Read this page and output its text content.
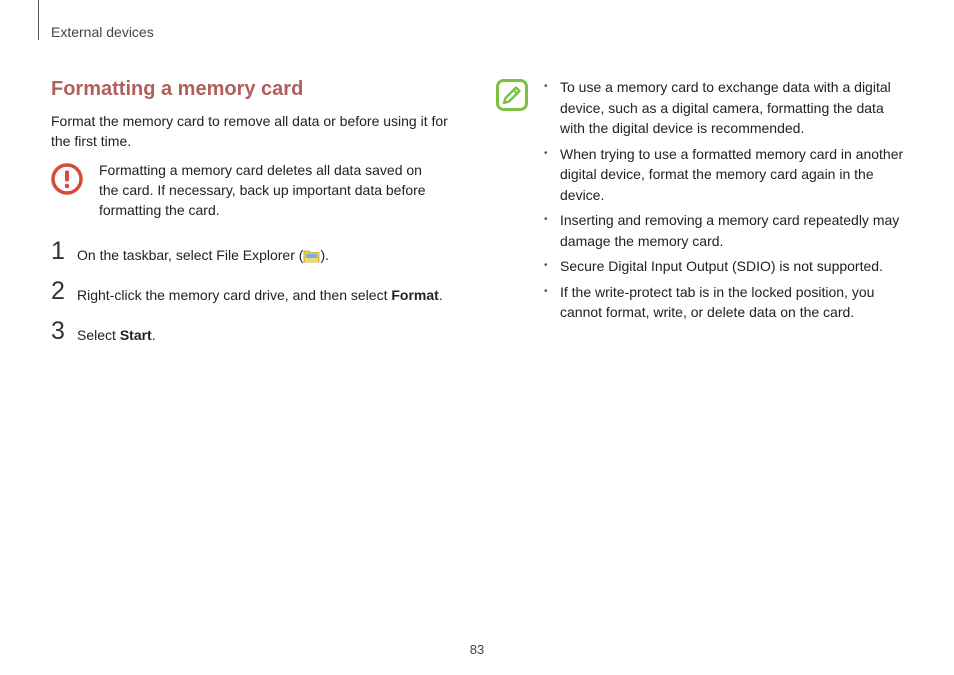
External devices
Formatting a memory card

Format the memory card to remove all data or before using it for the first time.

Formatting a memory card deletes all data saved on the card. If necessary, back up important data before formatting the card.
1 On the taskbar, select File Explorer ( ).
2 Right-click the memory card drive, and then select Format.
3 Select Start.
• To use a memory card to exchange data with a digital device, such as a digital camera, formatting the data with the digital device is recommended.
• When trying to use a formatted memory card in another digital device, format the memory card again in the device.
• Inserting and removing a memory card repeatedly may damage the memory card.
• Secure Digital Input Output (SDIO) is not supported.
• If the write-protect tab is in the locked position, you cannot format, write, or delete data on the card.
83
